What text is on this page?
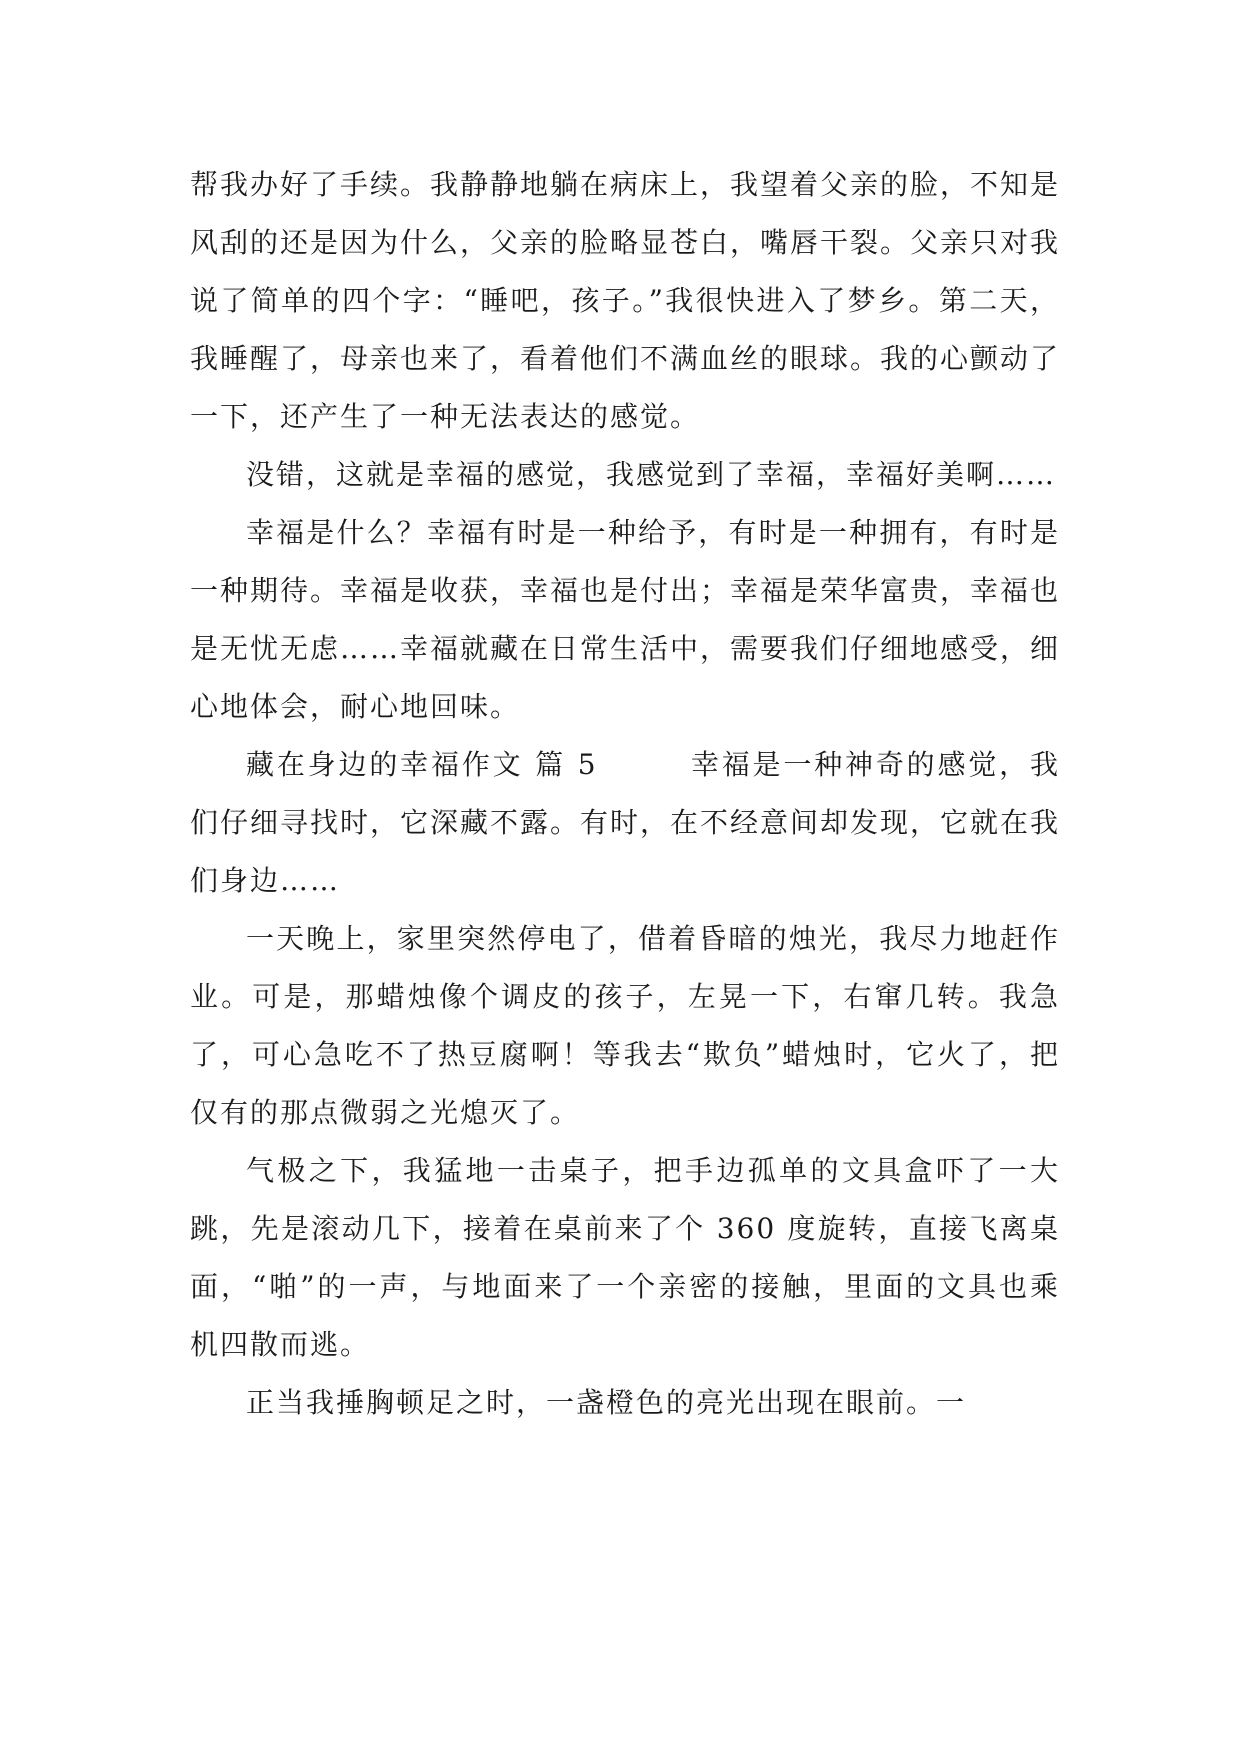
帮我办好了手续。我静静地躺在病床上，我望着父亲的脸，不知是风刮的还是因为什么，父亲的脸略显苍白，嘴唇干裂。父亲只对我说了简单的四个字：“睡吧，孩子。”我很快进入了梦乡。第二天，我睡醒了，母亲也来了，看着他们不满血丝的眼球。我的心颤动了一下，还产生了一种无法表达的感觉。

没错，这就是幸福的感觉，我感觉到了幸福，幸福好美啊……

幸福是什么？幸福有时是一种给予，有时是一种拥有，有时是一种期待。幸福是收获，幸福也是付出；幸福是荣华富贵，幸福也是无忧无虑……幸福就藏在日常生活中，需要我们仔细地感受，细心地体会，耐心地回味。

藏在身边的幸福作文 篇 5　　　幸福是一种神奇的感觉，我们仔细寻找时，它深藏不露。有时，在不经意间却发现，它就在我们身边……

一天晚上，家里突然停电了，借着昏暗的烛光，我尽力地赶作业。可是，那蜡烛像个调皮的孩子，左晃一下，右窜几转。我急了，可心急吃不了热豆腐啊！等我去“欺负”蜡烛时，它火了，把仅有的那点微弱之光熄灭了。

气极之下，我猛地一击桌子，把手边孤单的文具盒吓了一大跳，先是滚动几下，接着在桌前来了个 360 度旋转，直接飞离桌面，“啪”的一声，与地面来了一个亲密的接触，里面的文具也乘机四散而逃。

正当我捶胸顿足之时，一盏橙色的亮光出现在眼前。一
